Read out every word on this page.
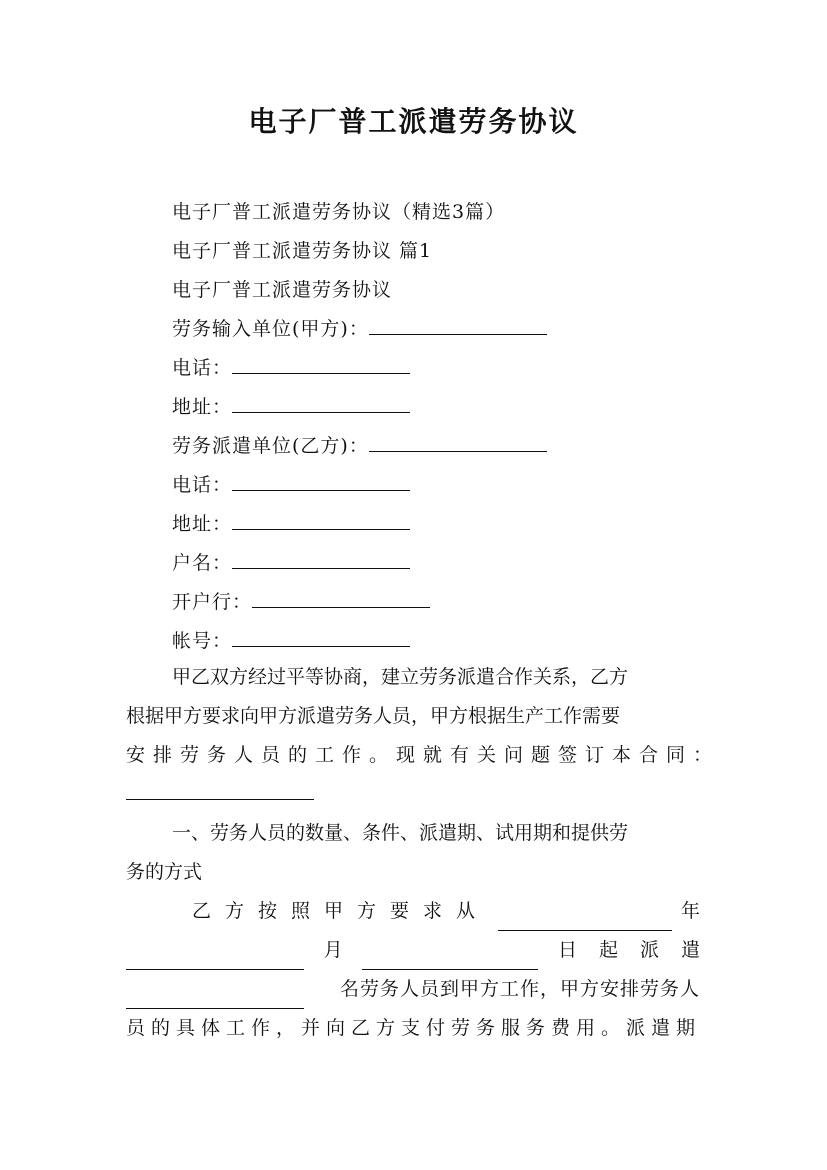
电子厂普工派遣劳务协议
电子厂普工派遣劳务协议（精选3篇）
电子厂普工派遣劳务协议 篇1
电子厂普工派遣劳务协议
劳务输入单位(甲方)：
电话：
地址：
劳务派遣单位(乙方)：
电话：
地址：
户名：
开户行：
帐号：
甲乙双方经过平等协商，建立劳务派遣合作关系，乙方
根据甲方要求向甲方派遣劳务人员，甲方根据生产工作需要
安排劳务人员的工作。现就有关问题签订本合同：
一、劳务人员的数量、条件、派遣期、试用期和提供劳
务的方式
乙方按照甲方要求从	年
月	日起派遣
名劳务人员到甲方工作，甲方安排劳务人
员的具体工作，并向乙方支付劳务服务费用。派遣期
